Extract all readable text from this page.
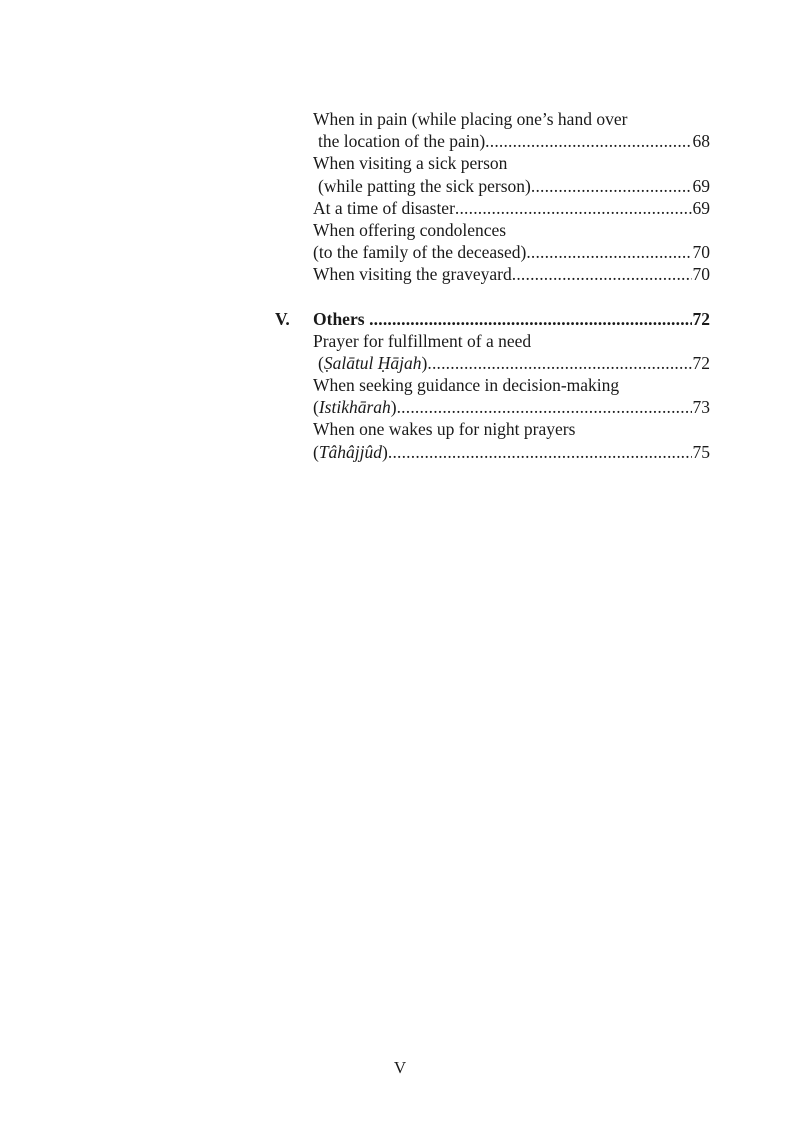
When in pain (while placing one’s hand over
the location of the pain) .....	68
When visiting a sick person
(while patting the sick person) .....	69
At a time of disaster .....	69
When offering condolences
(to the family of the deceased) .....	70
When visiting the graveyard .....	70
V.	Others .....	72
Prayer for fulfillment of a need
(Ṣalātul Ḥājah) .....	72
When seeking guidance in decision-making
(Istikhārah) .....	73
When one wakes up for night prayers
(Tâhâjjûd) .....	75
V
